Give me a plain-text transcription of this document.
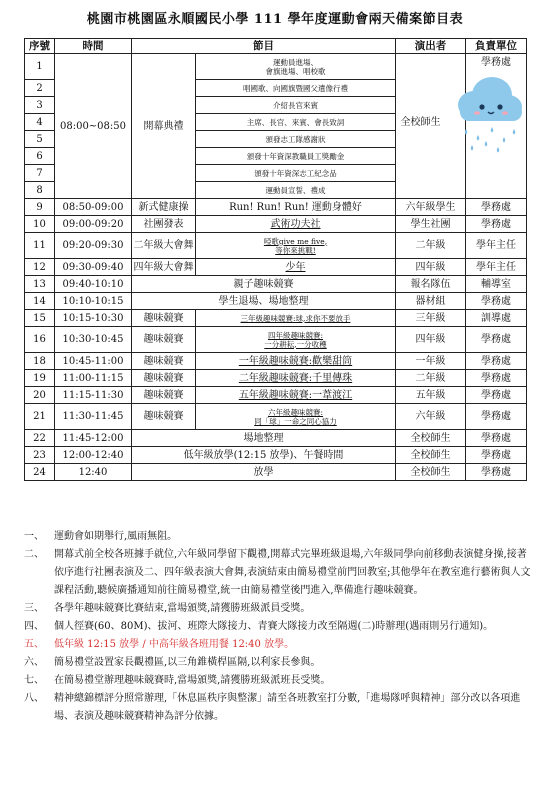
桃園市桃園區永順國民小學 111 學年度運動會兩天備案節目表
序號	時間	節目		演出者	負責單位
1	08:00~08:50	開幕典禮	運動員進場、
會旗進場、唱校歌	全校師生	學務處

2			唱國歌、向國旗暨國父遺像行禮		

3			介紹長官來賓		

4			主席、長官、來賓、會長致詞		

5			頒發志工隊感謝狀		

6			頒發十年資深教職員工獎勵金		

7			頒發十年資深志工紀念品		

8			運動員宣誓、禮成		

9	08:50-09:00	新式健康操	Run! Run! Run! 運動身體好	六年級學生	學務處
10	09:00-09:20	社團發表	武術功夫社	學生社團	學務處
11	09:20-09:30	二年級大會舞	啞歌give me five,
等你來挑戰!	二年級	學年主任
12	09:30-09:40	四年級大會舞	少年	四年級	學年主任
13	09:40-10:10	親子趣味競賽		報名隊伍	輔導室
14	10:10-10:15	學生退場、場地整理		器材組	學務處
15	10:15-10:30	趣味競賽	三年級趣味競賽:球,求你不要放手	三年級	訓導處
16	10:30-10:45	趣味競賽	四年級趣味競賽:
一分耕耘,一分收穫	四年級	學務處
18	10:45-11:00	趣味競賽	一年級趣味競賽:歡樂甜筒	一年級	學務處
19	11:00-11:15	趣味競賽	二年級趣味競賽:千里傳珠	二年級	學務處
20	11:15-11:30	趣味競賽	五年級趣味競賽:一葦渡江	五年級	學務處
21	11:30-11:45	趣味競賽	六年級趣味競賽:
同「球」一命之同心協力	六年級	學務處
22	11:45-12:00	場地整理		全校師生	學務處
23	12:00-12:40	低年級放學(12:15 放學)、午餐時間		全校師生	學務處
24	12:40	放學		全校師生	學務處
一、 運動會如期舉行,風雨無阻。
二、 開幕式前全校各班據手就位,六年級同學留下觀禮,開幕式完畢班級退場,六年級同學向前移動表演健身操,接著依序進行社團表演及二、四年級表演大會舞,表演結束由簡易禮堂前門回教室;其他學年在教室進行藝術與人文課程活動,聽候廣播通知前往簡易禮堂,統一由簡易禮堂後門進入,準備進行趣味競賽。
三、 各學年趣味競賽比賽結束,當場頒獎,請獲勝班級派員受獎。
四、 個人徑賽(60、80M)、拔河、班際大隊接力、青賽大隊接力改至隔週(二)時辦理(遇雨則另行通知)。
五、 低年級 12:15 放學 / 中高年級各班用餐 12:40 放學。
六、 簡易禮堂設置家長觀禮區,以三角錐橫桿區隔,以利家長參與。
七、 在簡易禮堂辦理趣味競賽時,當場頒獎,請獲勝班級派班長受獎。
八、 精神總錦標評分照常辦理,「休息區秩序與整潔」請至各班教室打分數,「進場隊呼與精神」部分改以各項進場、表演及趣味競賽精神為評分依據。
